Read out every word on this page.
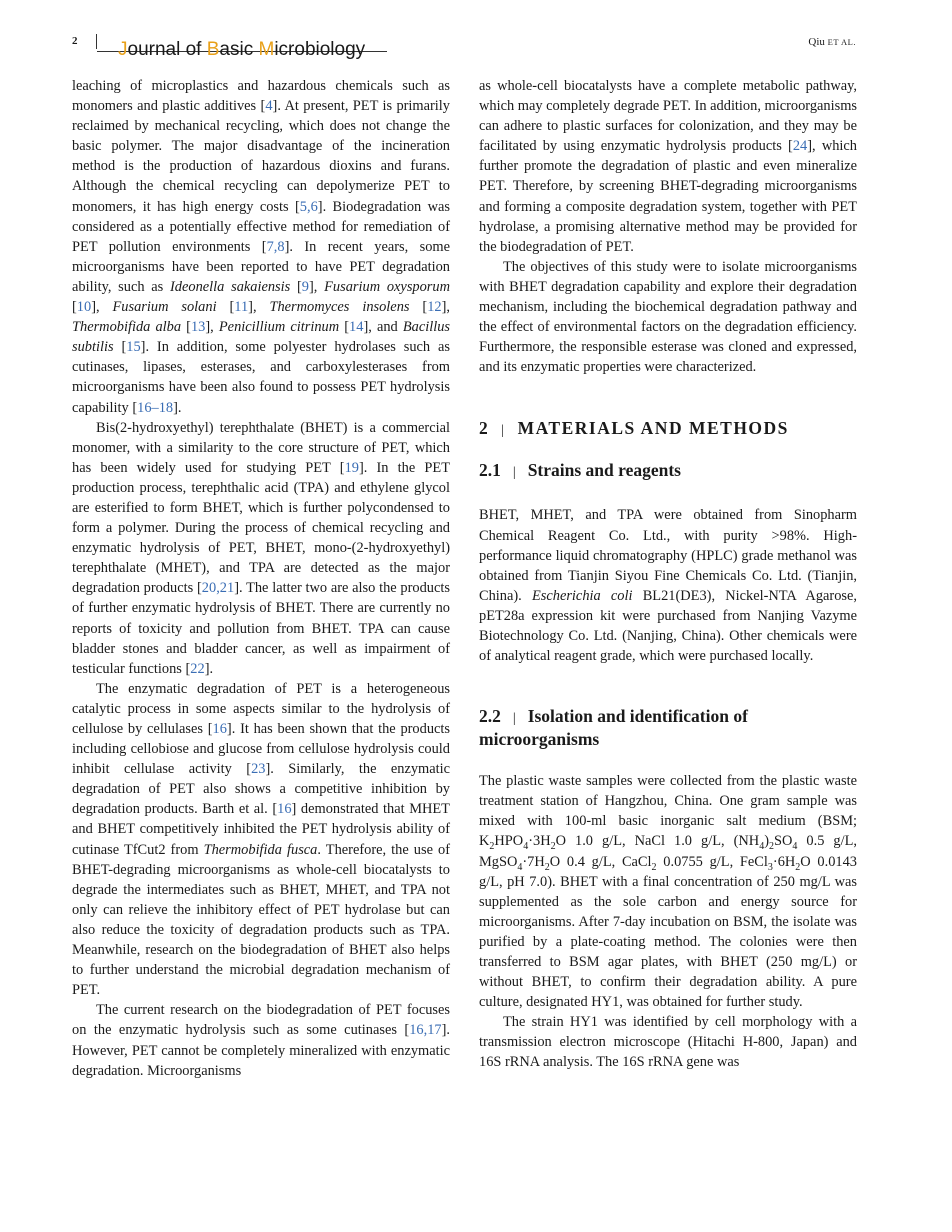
2 Journal of Basic Microbiology	Qiu ET AL.

leaching of microplastics and hazardous chemicals such as monomers and plastic additives [4]. At present, PET is primarily reclaimed by mechanical recycling, which does not change the basic polymer. The major disadvantage of the incineration method is the production of hazardous dioxins and furans. Although the chemical recycling can depolymerize PET to monomers, it has high energy costs [5,6]. Biodegradation was considered as a potentially effective method for remediation of PET pollution environments [7,8]. In recent years, some microorganisms have been reported to have PET degradation ability, such as Ideonella sakaiensis [9], Fusarium oxysporum [10], Fusarium solani [11], Thermomyces insolens [12], Thermobifida alba [13], Penicillium citrinum [14], and Bacillus subtilis [15]. In addition, some polyester hydrolases such as cutinases, lipases, esterases, and carboxylesterases from microorganisms have been also found to possess PET hydrolysis capability [16–18].

Bis(2-hydroxyethyl) terephthalate (BHET) is a commercial monomer, with a similarity to the core structure of PET, which has been widely used for studying PET [19]. In the PET production process, terephthalic acid (TPA) and ethylene glycol are esterified to form BHET, which is further polycondensed to form a polymer. During the process of chemical recycling and enzymatic hydrolysis of PET, BHET, mono-(2-hydroxyethyl) terephthalate (MHET), and TPA are detected as the major degradation products [20,21]. The latter two are also the products of further enzymatic hydrolysis of BHET. There are currently no reports of toxicity and pollution from BHET. TPA can cause bladder stones and bladder cancer, as well as impairment of testicular functions [22].

The enzymatic degradation of PET is a heterogeneous catalytic process in some aspects similar to the hydrolysis of cellulose by cellulases [16]. It has been shown that the products including cellobiose and glucose from cellulose hydrolysis could inhibit cellulase activity [23]. Similarly, the enzymatic degradation of PET also shows a competitive inhibition by degradation products. Barth et al. [16] demonstrated that MHET and BHET competitively inhibited the PET hydrolysis ability of cutinase TfCut2 from Thermobifida fusca. Therefore, the use of BHET-degrading microorganisms as whole-cell biocatalysts to degrade the intermediates such as BHET, MHET, and TPA not only can relieve the inhibitory effect of PET hydrolase but can also reduce the toxicity of degradation products such as TPA. Meanwhile, research on the biodegradation of BHET also helps to further understand the microbial degradation mechanism of PET.

The current research on the biodegradation of PET focuses on the enzymatic hydrolysis such as some cutinases [16,17]. However, PET cannot be completely mineralized with enzymatic degradation. Microorganisms

as whole-cell biocatalysts have a complete metabolic pathway, which may completely degrade PET. In addition, microorganisms can adhere to plastic surfaces for colonization, and they may be facilitated by using enzymatic hydrolysis products [24], which further promote the degradation of plastic and even mineralize PET. Therefore, by screening BHET-degrading microorganisms and forming a composite degradation system, together with PET hydrolase, a promising alternative method may be provided for the biodegradation of PET.

The objectives of this study were to isolate microorganisms with BHET degradation capability and explore their degradation mechanism, including the biochemical degradation pathway and the effect of environmental factors on the degradation efficiency. Furthermore, the responsible esterase was cloned and expressed, and its enzymatic properties were characterized.

2 | MATERIALS AND METHODS
2.1 | Strains and reagents

BHET, MHET, and TPA were obtained from Sinopharm Chemical Reagent Co. Ltd., with purity >98%. High-performance liquid chromatography (HPLC) grade methanol was obtained from Tianjin Siyou Fine Chemicals Co. Ltd. (Tianjin, China). Escherichia coli BL21(DE3), Nickel-NTA Agarose, pET28a expression kit were purchased from Nanjing Vazyme Biotechnology Co. Ltd. (Nanjing, China). Other chemicals were of analytical reagent grade, which were purchased locally.

2.2 | Isolation and identification of
microorganisms

The plastic waste samples were collected from the plastic waste treatment station of Hangzhou, China. One gram sample was mixed with 100-ml basic inorganic salt medium (BSM; $K_2HPO_4\cdot 3H_2O$ 1.0 g/L, NaCl 1.0 g/L, $(NH_4)_2SO_4$ 0.5 g/L, $MgSO_4\cdot 7H_2O$ 0.4 g/L, CaCl$_2$ 0.0755 g/L, $FeCl_3\cdot 6H_2O$ 0.0143 g/L, pH 7.0). BHET with a final concentration of 250 mg/L was supplemented as the sole carbon and energy source for microorganisms. After 7-day incubation on BSM, the isolate was purified by a plate-coating method. The colonies were then transferred to BSM agar plates, with BHET (250 mg/L) or without BHET, to confirm their degradation ability. A pure culture, designated HY1, was obtained for further study.

The strain HY1 was identified by cell morphology with a transmission electron microscope (Hitachi H-800, Japan) and 16S rRNA analysis. The 16S rRNA gene was
